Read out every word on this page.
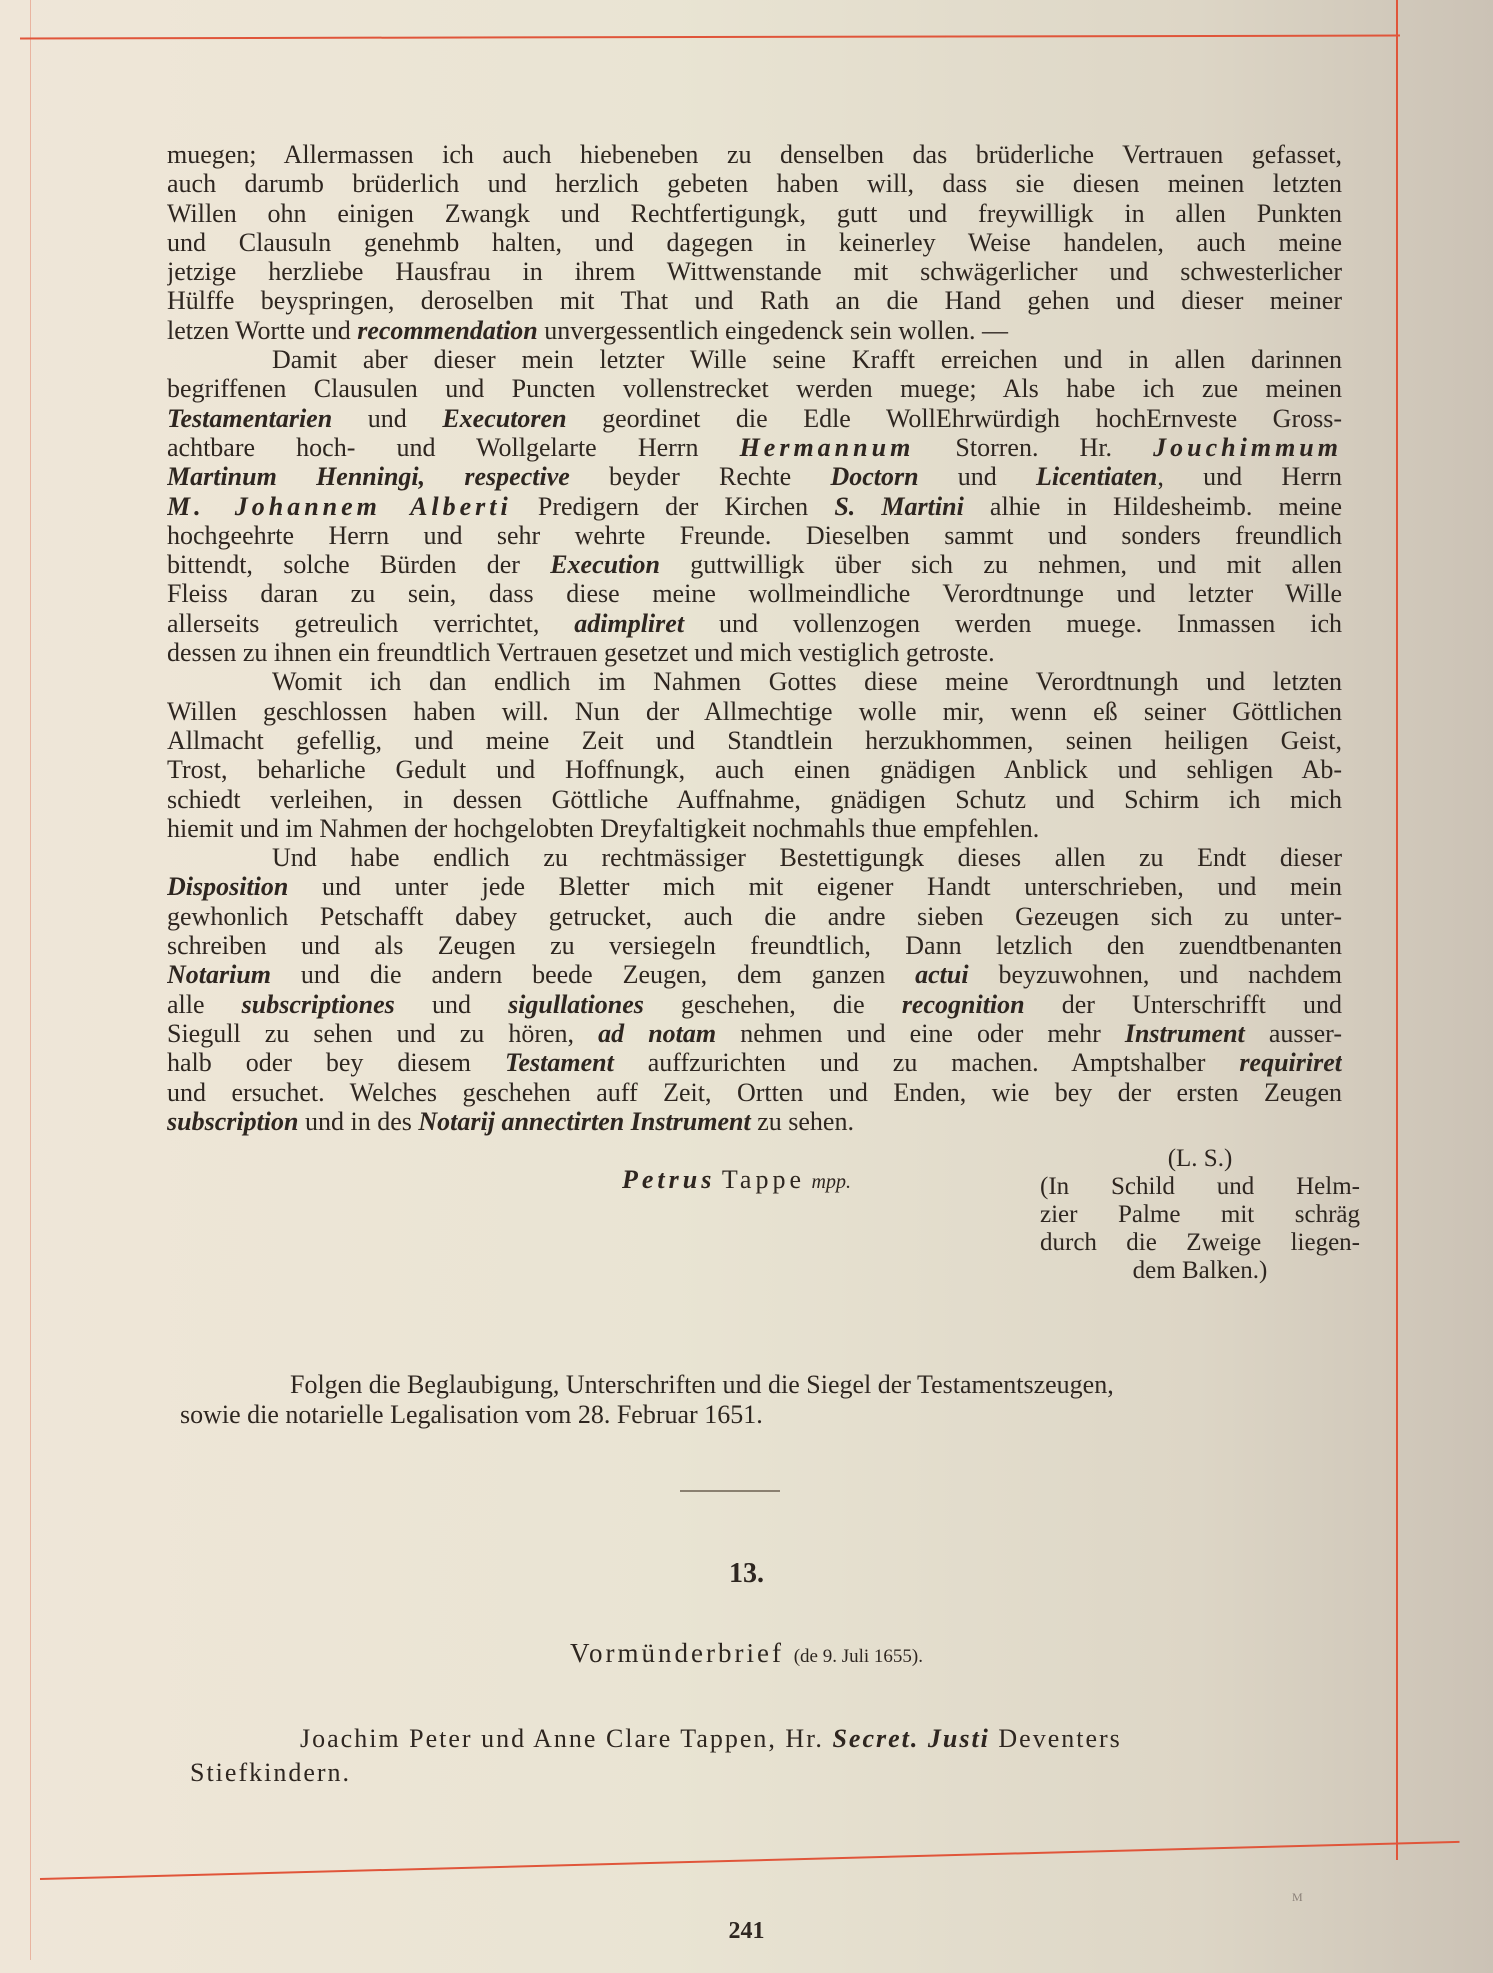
muegen; Allermassen ich auch hiebeneben zu denselben das brüderliche Vertrauen gefasset,
auch darumb brüderlich und herzlich gebeten haben will, dass sie diesen meinen letzten
Willen ohn einigen Zwangk und Rechtfertigungk, gutt und freywilligk in allen Punkten
und Clausuln genehmb halten, und dagegen in keinerley Weise handelen, auch meine
jetzige herzliebe Hausfrau in ihrem Wittwenstande mit schwägerlicher und schwesterlicher
Hülffe beyspringen, deroselben mit That und Rath an die Hand gehen und dieser meiner
letzen Wortte und recommendation unvergessentlich eingedenck sein wollen. —
Damit aber dieser mein letzter Wille seine Krafft erreichen und in allen darinnen
begriffenen Clausulen und Puncten vollenstrecket werden muege; Als habe ich zue meinen
Testamentarien und Executoren geordinet die Edle WollEhrwürdigh hochErnveste Gross-
achtbare hoch- und Wollgelarte Herrn Hermannum Storren. Hr. Jouchimmum
Martinum Henningi, respective beyder Rechte Doctorn und Licentiaten, und Herrn
M. Johannem Alberti Predigern der Kirchen S. Martini alhie in Hildesheimb. meine
hochgeehrte Herrn und sehr wehrte Freunde. Dieselben sammt und sonders freundlich
bittendt, solche Bürden der Execution guttwilligk über sich zu nehmen, und mit allen
Fleiss daran zu sein, dass diese meine wollmeindliche Verordtnunge und letzter Wille
allerseits getreulich verrichtet, adimpliret und vollenzogen werden muege. Inmassen ich
dessen zu ihnen ein freundtlich Vertrauen gesetzet und mich vestiglich getroste.
Womit ich dan endlich im Nahmen Gottes diese meine Verordtnungh und letzten
Willen geschlossen haben will. Nun der Allmechtige wolle mir, wenn eß seiner Göttlichen
Allmacht gefellig, und meine Zeit und Standtlein herzukhommen, seinen heiligen Geist,
Trost, beharliche Gedult und Hoffnungk, auch einen gnädigen Anblick und sehligen Ab-
schiedt verleihen, in dessen Göttliche Auffnahme, gnädigen Schutz und Schirm ich mich
hiemit und im Nahmen der hochgelobten Dreyfaltigkeit nochmahls thue empfehlen.
Und habe endlich zu rechtmässiger Bestettigungk dieses allen zu Endt dieser
Disposition und unter jede Bletter mich mit eigener Handt unterschrieben, und mein
gewhonlich Petschafft dabey getrucket, auch die andre sieben Gezeugen sich zu unter-
schreiben und als Zeugen zu versiegeln freundtlich, Dann letzlich den zuendtbenanten
Notarium und die andern beede Zeugen, dem ganzen actui beyzuwohnen, und nachdem
alle subscriptiones und sigullationes geschehen, die recognition der Unterschrifft und
Siegull zu sehen und zu hören, ad notam nehmen und eine oder mehr Instrument ausser-
halb oder bey diesem Testament auffzurichten und zu machen. Amptshalber requiriret
und ersuchet. Welches geschehen auff Zeit, Ortten und Enden, wie bey der ersten Zeugen
subscription und in des Notarij annectirten Instrument zu sehen.
Petrus Tappe mpp.
(L. S.)
(In Schild und Helm-
zier Palme mit schräg
durch die Zweige liegen-
dem Balken.)
Folgen die Beglaubigung, Unterschriften und die Siegel der Testamentszeugen,
sowie die notarielle Legalisation vom 28. Februar 1651.
13.
Vormünderbrief (de 9. Juli 1655).
Joachim Peter und Anne Clare Tappen, Hr. Secret. Justi Deventers
Stiefkindern.
M
241
